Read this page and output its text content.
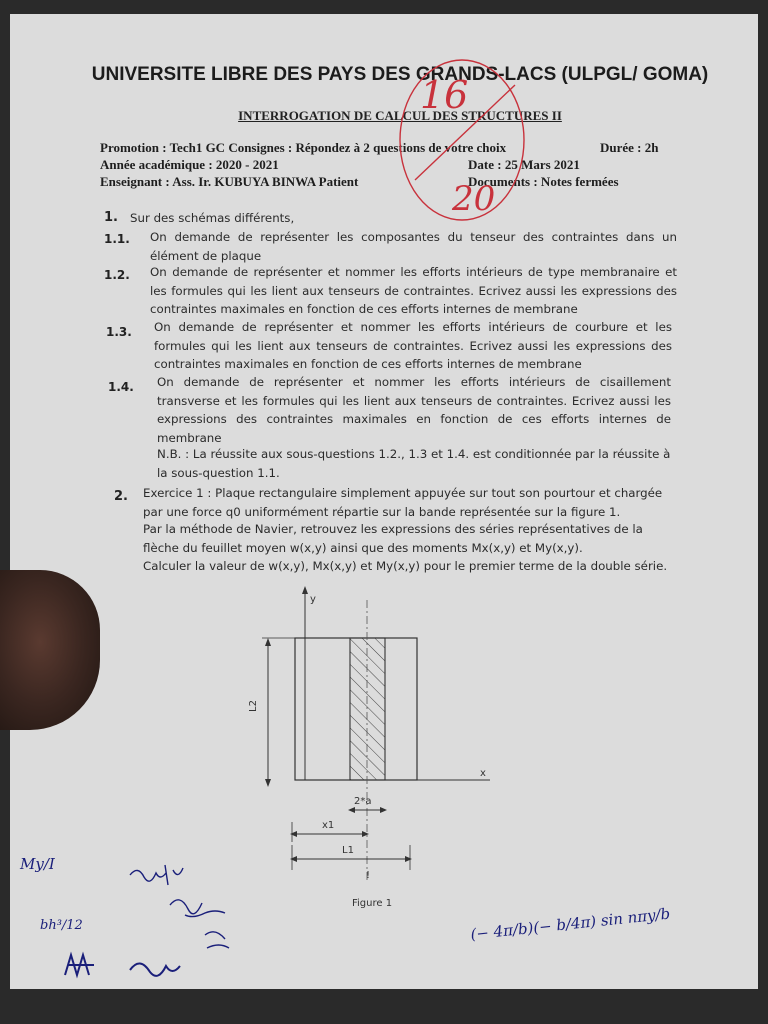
UNIVERSITE LIBRE DES PAYS DES GRANDS-LACS (ULPGL/ GOMA)
INTERROGATION DE CALCUL DES STRUCTURES II
Promotion : Tech1 GC Consignes : Répondez à 2 questions de votre choix	Durée : 2h
Année académique : 2020 - 2021	Date : 25 Mars 2021
Enseignant : Ass. Ir. KUBUYA BINWA Patient	Documents : Notes fermées
16
20
1. Sur des schémas différents,
1.1. On demande de représenter les composantes du tenseur des contraintes dans un élément de plaque
1.2. On demande de représenter et nommer les efforts intérieurs de type membranaire et les formules qui les lient aux tenseurs de contraintes. Ecrivez aussi les expressions des contraintes maximales en fonction de ces efforts internes de membrane
1.3. On demande de représenter et nommer les efforts intérieurs de courbure et les formules qui les lient aux tenseurs de contraintes. Ecrivez aussi les expressions des contraintes maximales en fonction de ces efforts internes de membrane
1.4. On demande de représenter et nommer les efforts intérieurs de cisaillement transverse et les formules qui les lient aux tenseurs de contraintes. Ecrivez aussi les expressions des contraintes maximales en fonction de ces efforts internes de membrane
N.B. : La réussite aux sous-questions 1.2., 1.3 et 1.4. est conditionnée par la réussite à la sous-question 1.1.
2. Exercice 1 : Plaque rectangulaire simplement appuyée sur tout son pourtour et chargée par une force q0 uniformément répartie sur la bande représentée sur la figure 1.
Par la méthode de Navier, retrouvez les expressions des séries représentatives de la flèche du feuillet moyen w(x,y) ainsi que des moments Mx(x,y) et My(x,y).
Calculer la valeur de w(x,y), Mx(x,y) et My(x,y) pour le premier terme de la double série.
y
x
L2
2*a
x1
L1
!
Figure 1
My/I
bh³/12	(− 4π/b)(− b/4π) sin nπy/b
